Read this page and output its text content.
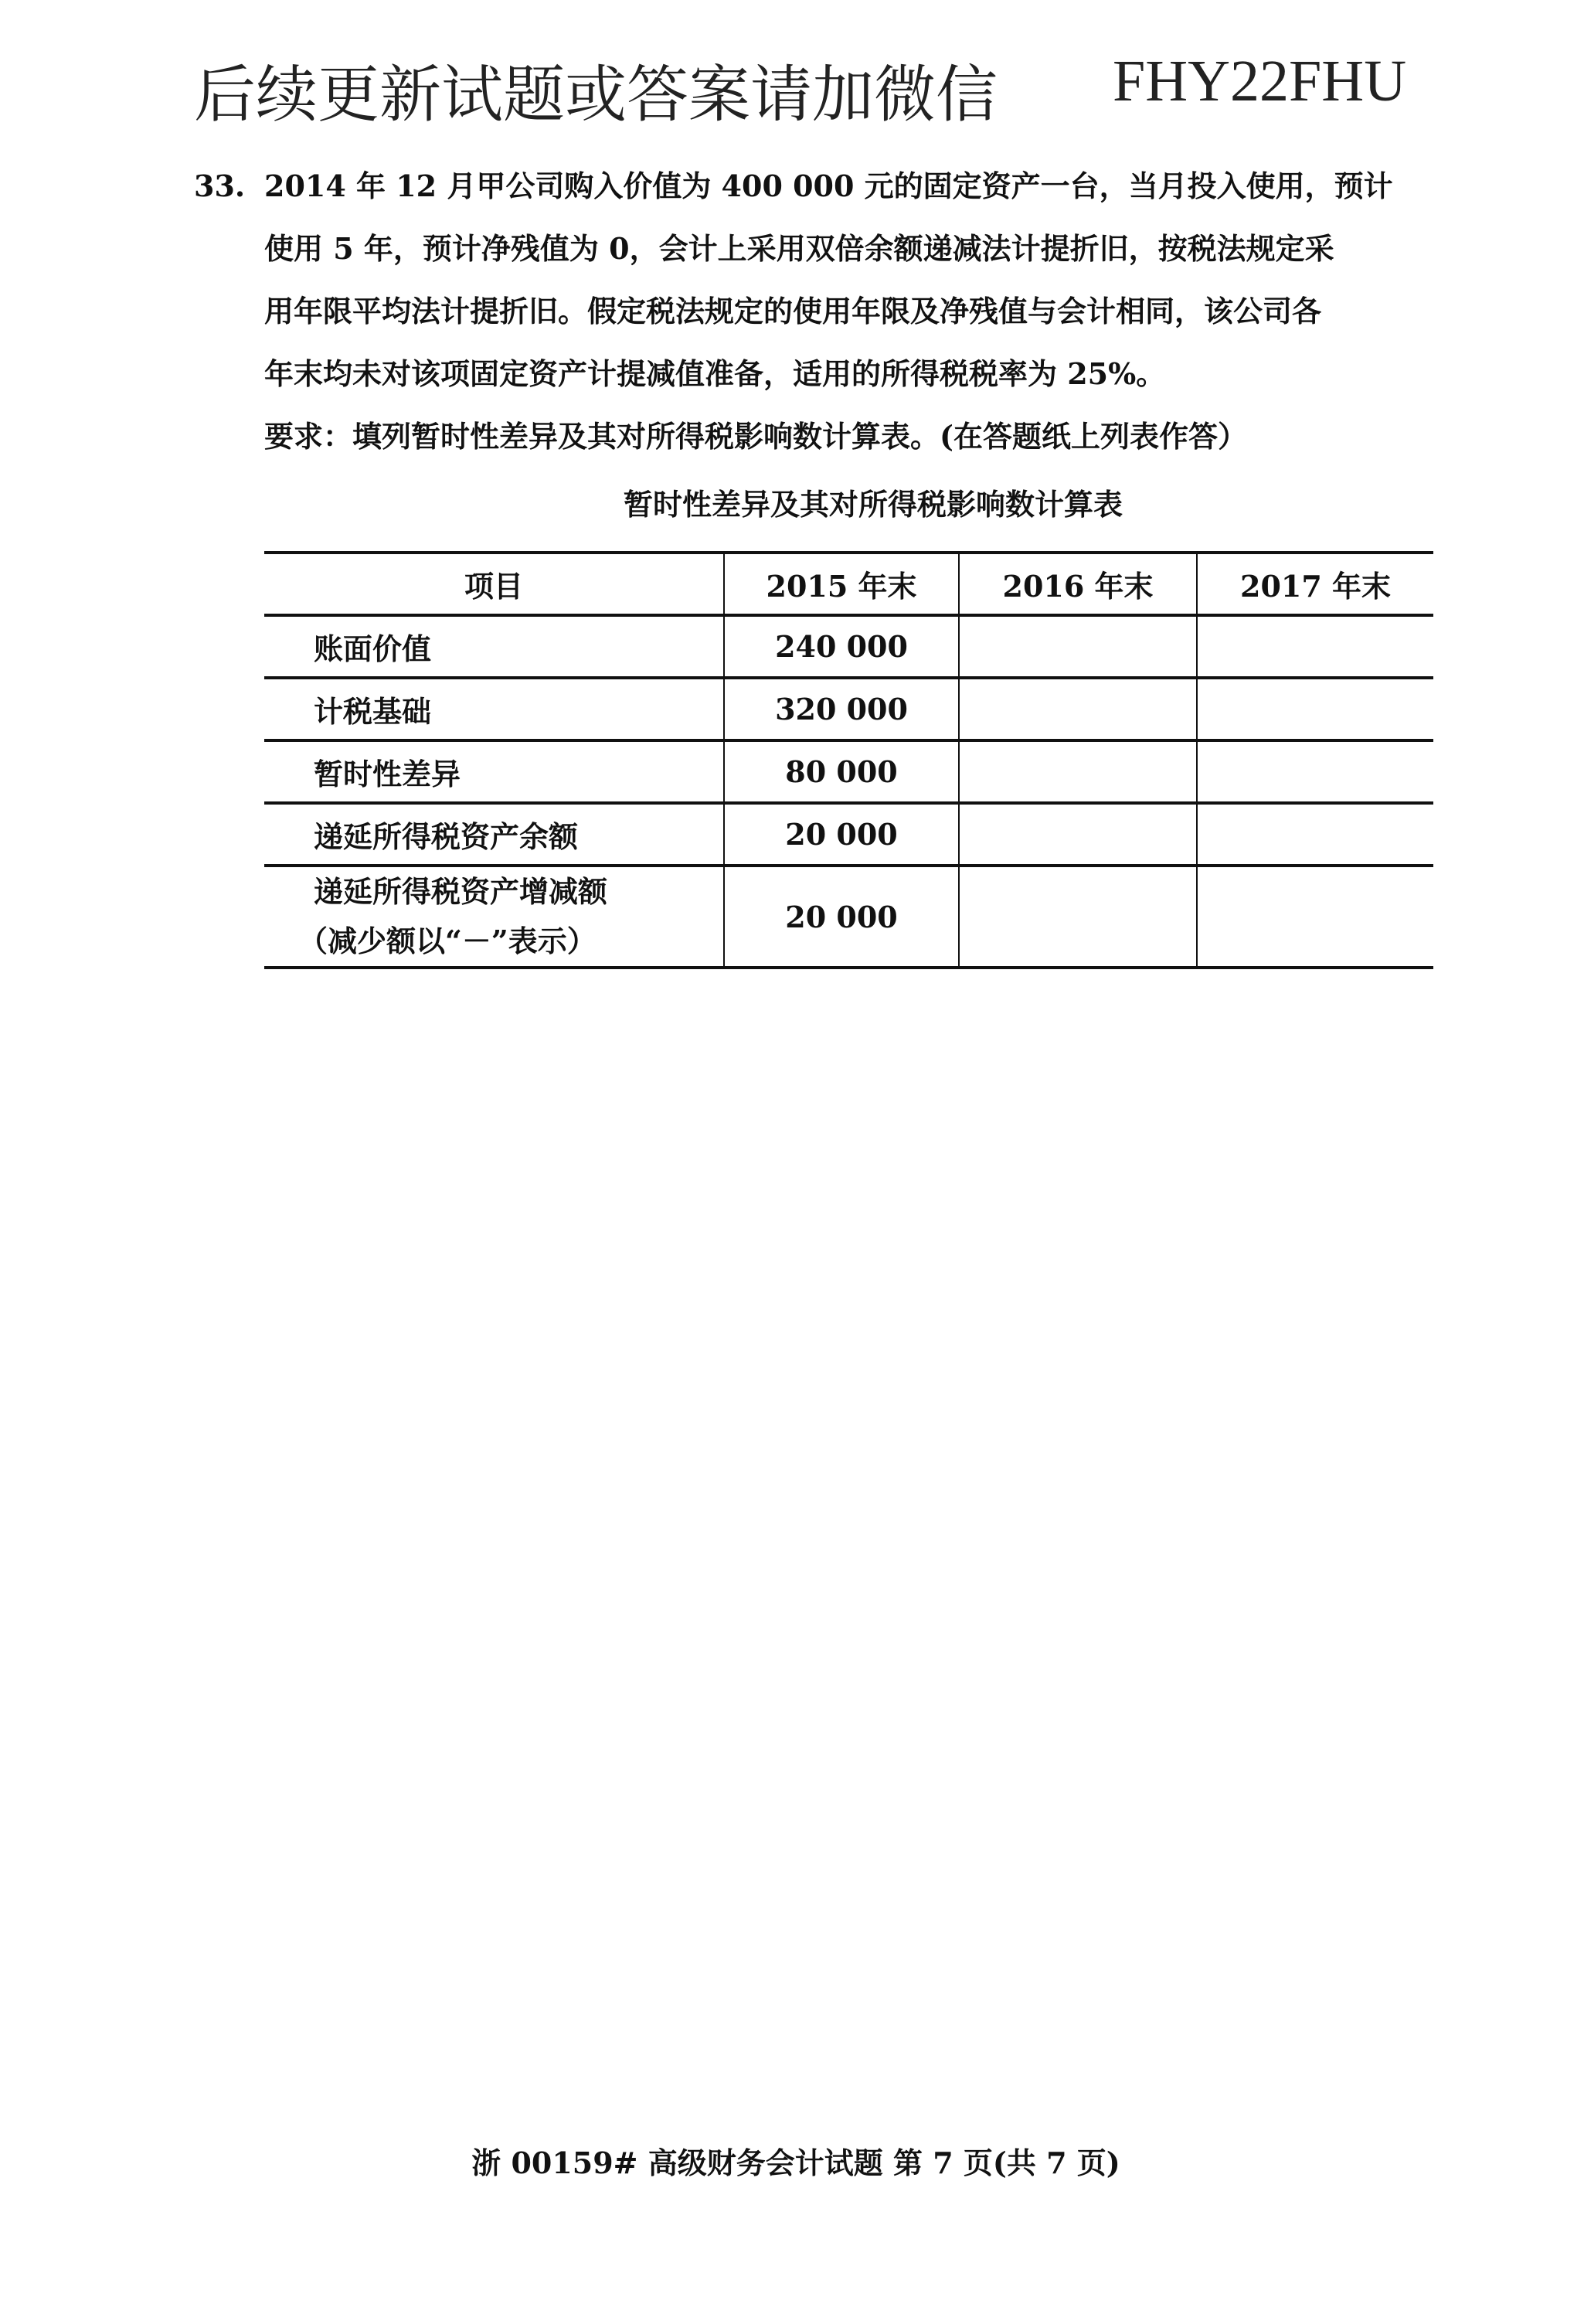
后续更新试题或答案请加微信 FHY22FHU
33. 2014 年 12 月甲公司购入价值为 400 000 元的固定资产一台，当月投入使用，预计
使用 5 年，预计净残值为 0，会计上采用双倍余额递减法计提折旧，按税法规定采
用年限平均法计提折旧。假定税法规定的使用年限及净残值与会计相同，该公司各
年末均未对该项固定资产计提减值准备，适用的所得税税率为 25%。
要求：填列暂时性差异及其对所得税影响数计算表。(在答题纸上列表作答）
暂时性差异及其对所得税影响数计算表
项目	2015 年末	2016 年末	2017 年末
账面价值	240 000		
计税基础	320 000		
暂时性差异	80 000		
递延所得税资产余额	20 000		

递延所得税资产增减额
（减少额以“－”表示）	20 000		
浙 00159# 高级财务会计试题 第 7 页(共 7 页)
